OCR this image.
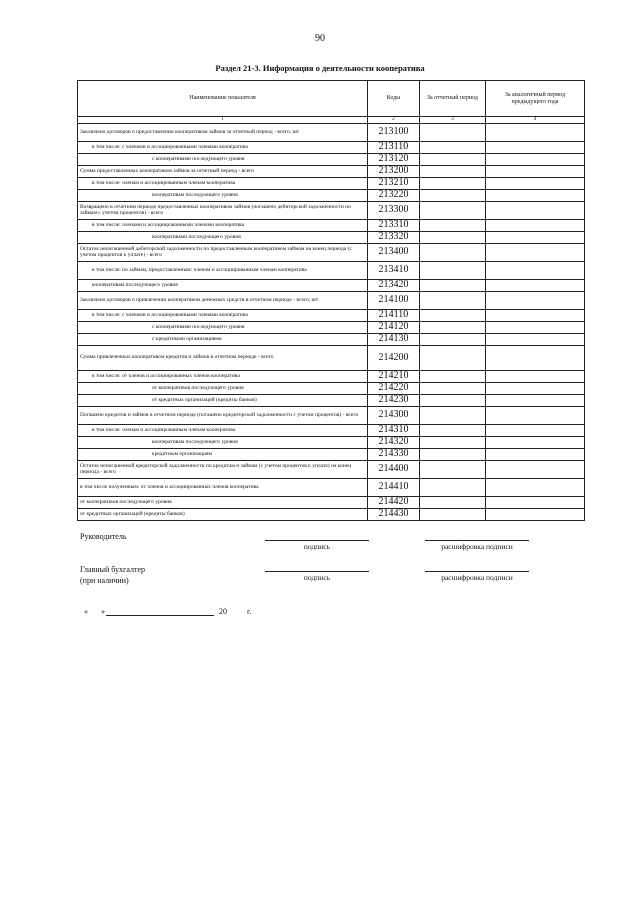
90
Раздел 21-3. Информация о деятельности кооператива
Наименование показателя	Коды	За отчетный период	За аналогичный период предыдущего года
1	2	3	4
Заключено договоров о предоставлении кооперативом займов за отчетный период - всего, шт	213100		
в том числе: с членами и ассоциированными членами кооператива	213110		
с кооперативами последующего уровня	213120		
Сумма предоставленных кооперативом займов за отчетный период - всего	213200		
в том числе: членам и ассоциированным членам кооператива	213210		
кооперативам последующего уровня	213220		
Возвращено в отчетном периоде предоставленных кооперативом займов (погашено дебиторской задолженности по займам с учетом процентов) - всего	213300		
в том числе: членами и ассоциированными членами кооператива	213310		
кооперативами последующего уровня	213320		
Остаток непогашенной дебиторской задолженности по предоставленным кооперативом займам на конец периода (с учетом процентов к уплате) - всего	213400		
в том числе: по займам, предоставленным: членам и ассоциированным членам кооператива	213410		
кооперативам последующего уровня	213420		
Заключено договоров о привлечении кооперативом денежных средств в отчетном периоде - всего, шт	214100		
в том числе: с членами и ассоциированными членами кооператива	214110		
с кооперативами последующего уровня	214120		
с кредитными организациями	214130		
Сумма привлеченных кооперативом кредитов и займов в отчетном периоде - всего	214200		
в том числе: от членов и ассоциированных членов кооператива	214210		
от кооперативов последующего уровня	214220		
от кредитных организаций (кредиты банков)	214230		
Погашено кредитов и займов в отчетном периоде (погашено кредиторской задолженности с учетом процентов) - всего	214300		
в том числе: членам и ассоциированным членам кооператива	214310		
кооперативам последующего уровня	214320		
кредитным организациям	214330		
Остаток непогашенной кредиторской задолженности по кредитам и займам (с учетом процентов к уплате) на конец периода - всего	214400		
в том числе полученным: от членов и ассоциированных членов кооператива	214410		
от кооперативов последующего уровня	214420		
от кредитных организаций (кредиты банков)	214430		
Руководитель
подпись	расшифровка подписи
Главный бухгалтер
(при наличии)	подпись	расшифровка подписи
« »	20	г.
